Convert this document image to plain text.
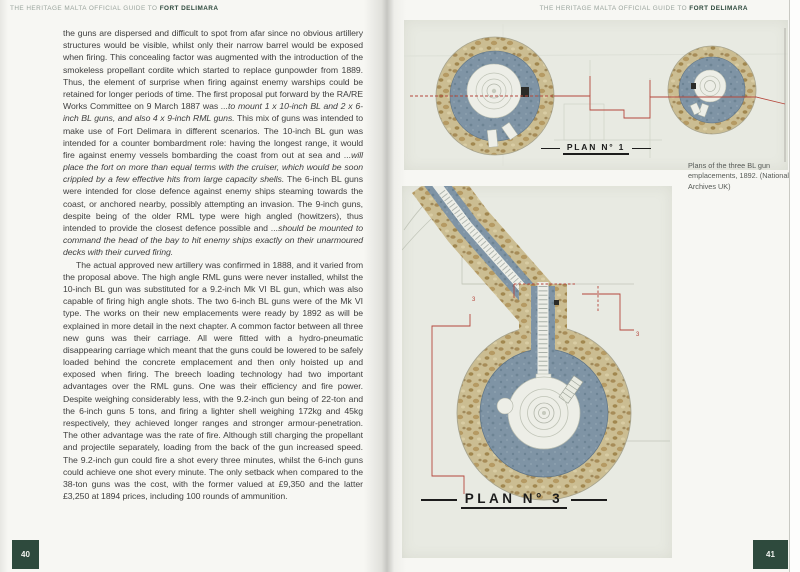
THE HERITAGE MALTA OFFICIAL GUIDE TO FORT DELIMARA	THE HERITAGE MALTA OFFICIAL GUIDE TO FORT DELIMARA

the guns are dispersed and difficult to spot from afar since no obvious artillery structures would be visible, whilst only their narrow barrel would be exposed when firing. This concealing factor was augmented with the introduction of the smokeless propellant cordite which started to replace gunpowder from 1889. Thus, the element of surprise when firing against enemy warships could be retained for longer periods of time. The first proposal put forward by the RA/RE Works Committee on 9 March 1887 was ...to mount 1 x 10-inch BL and 2 x 6-inch BL guns, and also 4 x 9-inch RML guns. This mix of guns was intended to make use of Fort Delimara in different scenarios. The 10-inch BL gun was intended for a counter bombardment role: having the longest range, it would fire against enemy vessels bombarding the coast from out at sea and ...will place the fort on more than equal terms with the cruiser, which would be soon crippled by a few effective hits from large capacity shells. The 6-inch BL guns were intended for close defence against enemy ships steaming towards the coast, or anchored nearby, possibly attempting an invasion. The 9-inch guns, despite being of the older RML type were high angled (howitzers), thus intended to provide the closest defence possible and ...should be mounted to command the head of the bay to hit enemy ships exactly on their unarmoured decks with their curved firing.

The actual approved new artillery was confirmed in 1888, and it varied from the proposal above. The high angle RML guns were never installed, whilst the 10-inch BL gun was substituted for a 9.2-inch Mk VI BL gun, which was also capable of firing high angle shots. The two 6-inch BL guns were of the Mk VI type. The works on their new emplacements were ready by 1892 as will be explained in more detail in the next chapter. A common factor between all three new guns was their carriage. All were fitted with a hydro-pneumatic disappearing carriage which meant that the guns could be lowered to be safely loaded behind the concrete emplacement and then only hoisted up and exposed when firing. The breech loading technology had two important advantages over the RML guns. One was their efficiency and fire power. Despite weighing considerably less, with the 9.2-inch gun being of 22-ton and the 6-inch guns 5 tons, and firing a lighter shell weighing 172kg and 45kg respectively, they achieved longer ranges and stronger armour-penetration. The other advantage was the rate of fire. Although still charging the propellant and projectile separately, loading from the back of the gun increased speed. The 9.2-inch gun could fire a shot every three minutes, whilst the 6-inch guns could achieve one shot every minute. The only setback when compared to the 38-ton guns was the cost, with the former valued at £9,350 and the latter £3,250 at 1894 prices, including 100 rounds of ammunition.

PLAN N° 1
Plans of the three BL gun emplacements, 1892. (National Archives UK)
3
3
PLAN N° 3
40	41
